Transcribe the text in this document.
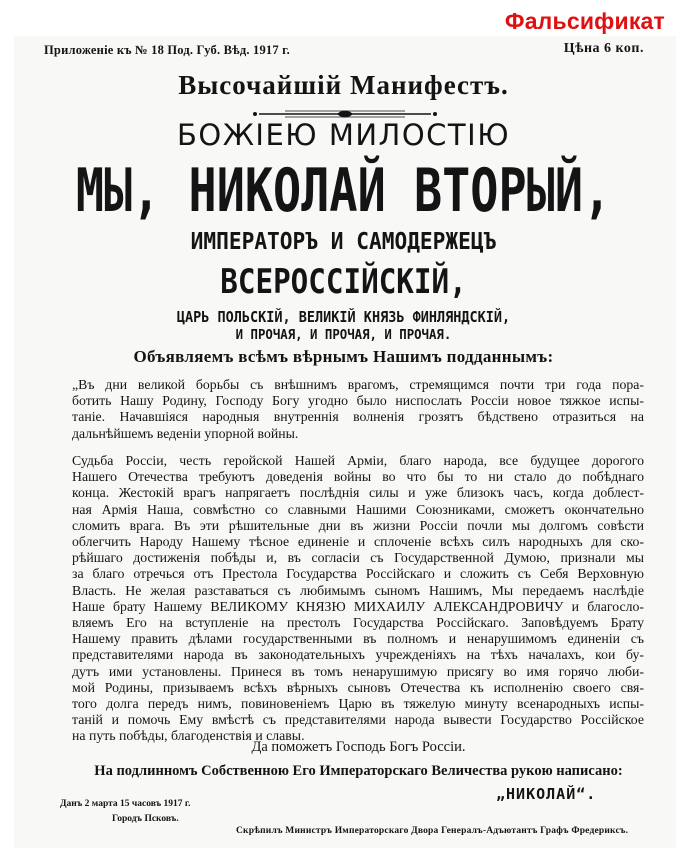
Фальсификат
Приложеніе къ № 18 Под. Губ. Вѣд. 1917 г.	Цѣна 6 коп.
Высочайшій Манифестъ.
БОЖІЕЮ МИЛОСТІЮ
МЫ, НИКОЛАЙ ВТОРЫЙ,
ИМПЕРАТОРЪ И САМОДЕРЖЕЦЪ
ВСЕРОССІЙСКІЙ,
ЦАРЬ ПОЛЬСКІЙ, ВЕЛИКІЙ КНЯЗЬ ФИНЛЯНДСКІЙ,
И ПРОЧАЯ, И ПРОЧАЯ, И ПРОЧАЯ.
Объявляемъ всѣмъ вѣрнымъ Нашимъ подданнымъ:
„Въ дни великой борьбы съ внѣшнимъ врагомъ, стремящимся почти три года пора-
ботить Нашу Родину, Господу Богу угодно было ниспослать Россіи новое тяжкое испы-
таніе. Начавшіяся народныя внутреннія волненія грозятъ бѣдствено отразиться на
дальнѣйшемъ веденіи упорной войны.
Судьба Россіи, честь геройской Нашей Арміи, благо народа, все будущее дорогого
Нашего Отечества требуютъ доведенія войны во что бы то ни стало до побѣднаго
конца. Жестокій врагъ напрягаетъ послѣднія силы и уже близокъ часъ, когда доблест-
ная Армія Наша, совмѣстно со славными Нашими Союзниками, сможетъ окончательно
сломить врага. Въ эти рѣшительные дни въ жизни Россіи почли мы долгомъ совѣсти
облегчить Народу Нашему тѣсное единеніе и сплоченіе всѣхъ силъ народныхъ для ско-
рѣйшаго достиженія побѣды и, въ согласіи съ Государственной Думою, признали мы
за благо отречься отъ Престола Государства Россійскаго и сложить съ Себя Верховную
Власть. Не желая разставаться съ любимымъ сыномъ Нашимъ, Мы передаемъ наслѣдіе
Наше брату Нашему ВЕЛИКОМУ КНЯЗЮ МИХАИЛУ АЛЕКСАНДРОВИЧУ и благосло-
вляемъ Его на вступленіе на престолъ Государства Россійскаго. Заповѣдуемъ Брату
Нашему править дѣлами государственными въ полномъ и ненарушимомъ единеніи съ
представителями народа въ законодательныхъ учрежденіяхъ на тѣхъ началахъ, кои бу-
дутъ ими установлены. Принеся въ томъ ненарушимую присягу во имя горячо люби-
мой Родины, призываемъ всѣхъ вѣрныхъ сыновъ Отечества къ исполненію своего свя-
того долга передъ нимъ, повиновеніемъ Царю въ тяжелую минуту всенародныхъ испы-
таній и помочь Ему вмѣстѣ съ представителями народа вывести Государство Россійское
на путь побѣды, благоденствія и славы.
Да поможетъ Господь Богъ Россіи.
На подлинномъ Собственною Его Императорскаго Величества рукою написано:
„НИКОЛАЙ“.
Данъ 2 марта 15 часовъ 1917 г.
Городъ Псковъ.
Скрѣпилъ Министръ Императорскаго Двора Генералъ-Адъютантъ Графъ Фредериксъ.
